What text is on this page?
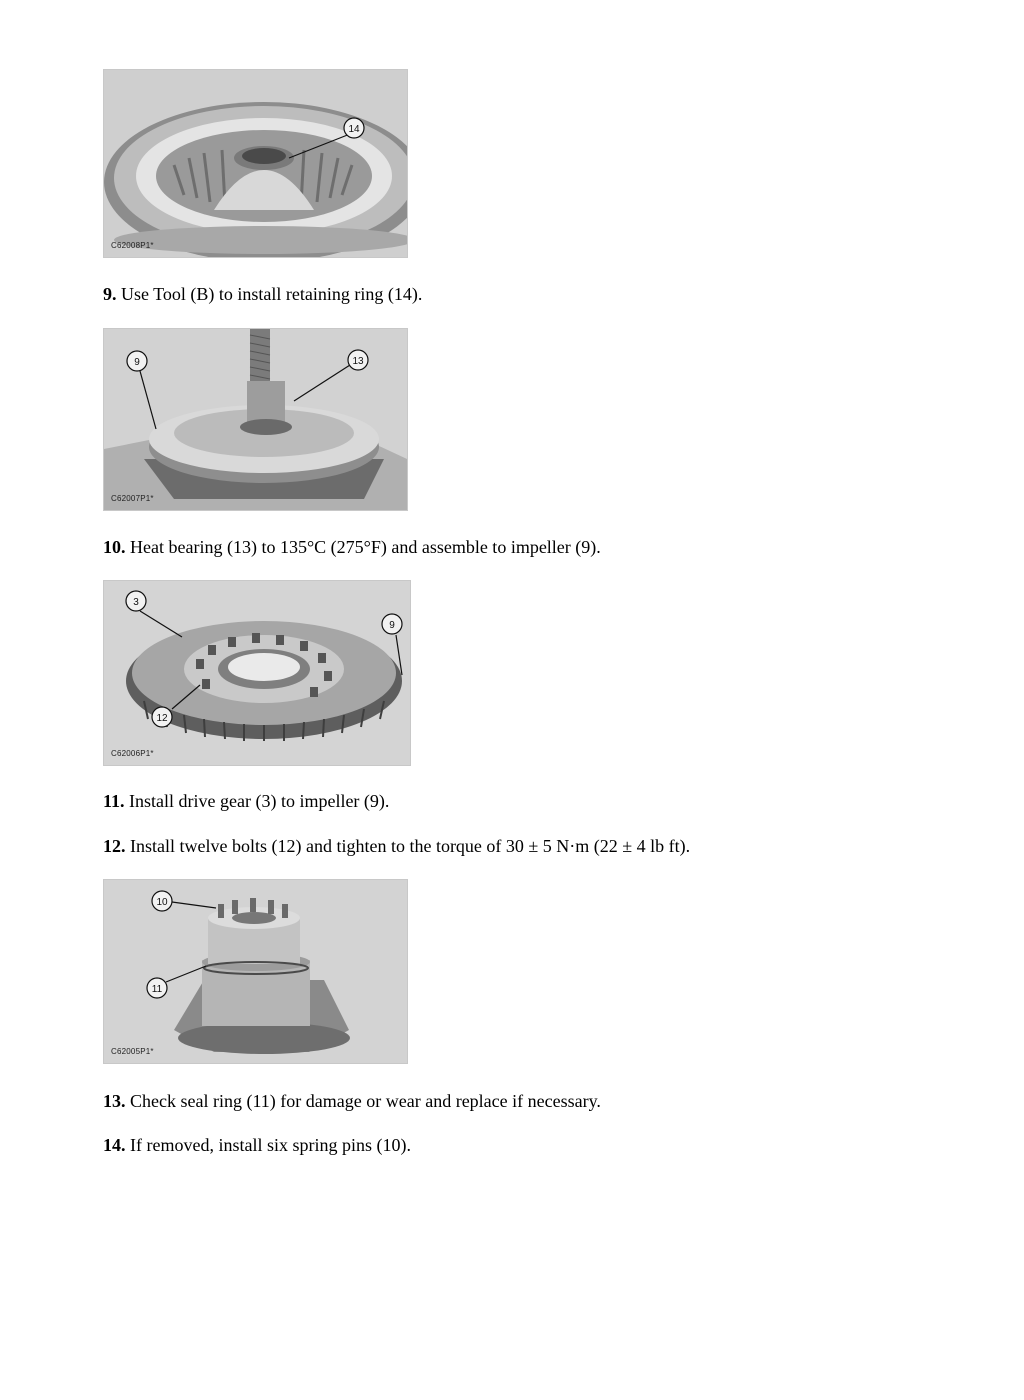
14
C62008P1*

9. Use Tool (B) to install retaining ring (14).

9	13
C62007P1*

10. Heat bearing (13) to 135°C (275°F) and assemble to impeller (9).

3
9
12
C62006P1*

11. Install drive gear (3) to impeller (9).

12. Install twelve bolts (12) and tighten to the torque of 30 ± 5 N·m (22 ± 4 lb ft).

10
11
C62005P1*

13. Check seal ring (11) for damage or wear and replace if necessary.

14. If removed, install six spring pins (10).
